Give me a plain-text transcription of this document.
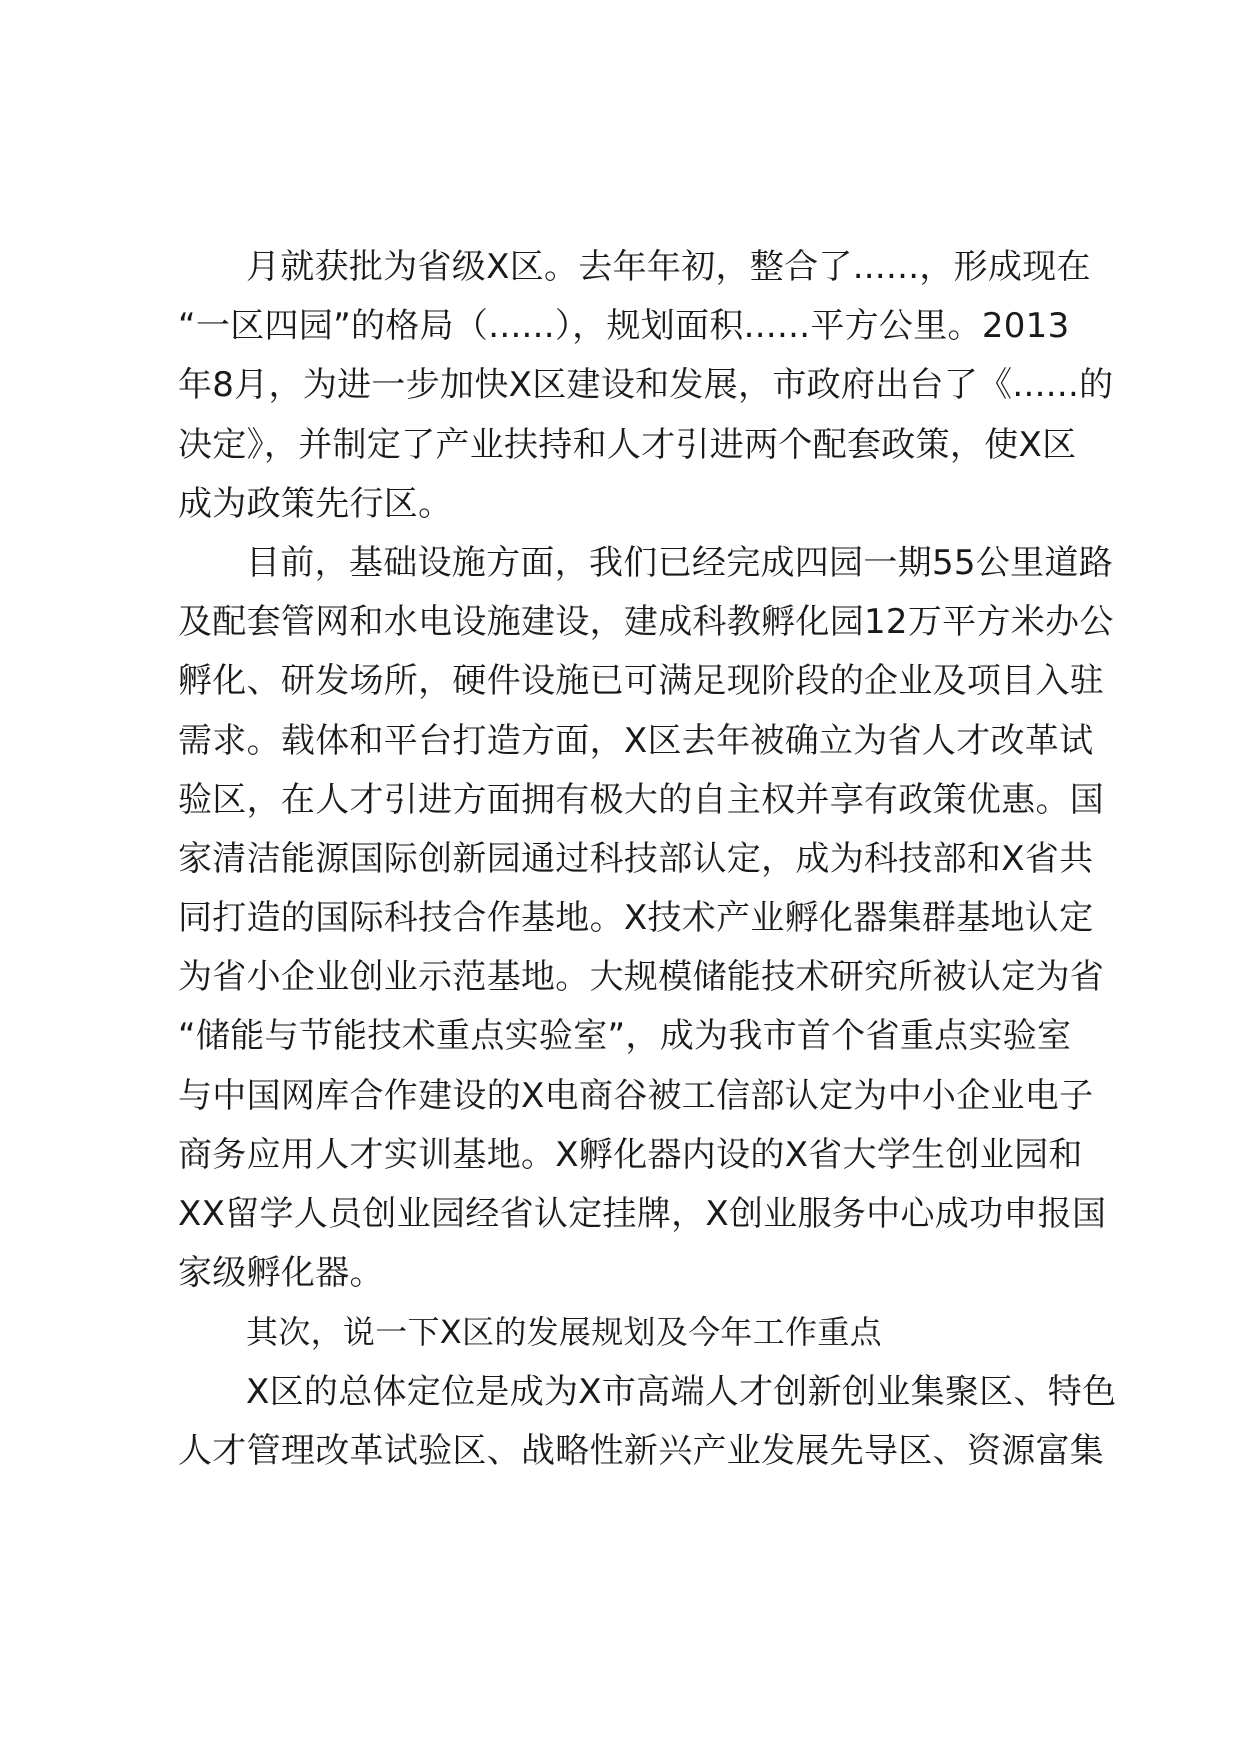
月就获批为省级X区。去年年初，整合了......，形成现在
“一区四园”的格局（......），规划面积......平方公里。2013
年8月，为进一步加快X区建设和发展，市政府出台了《......的
决定》，并制定了产业扶持和人才引进两个配套政策，使X区
成为政策先行区。
目前，基础设施方面，我们已经完成四园一期55公里道路
及配套管网和水电设施建设，建成科教孵化园12万平方米办公
孵化、研发场所，硬件设施已可满足现阶段的企业及项目入驻
需求。载体和平台打造方面，X区去年被确立为省人才改革试
验区，在人才引进方面拥有极大的自主权并享有政策优惠。国
家清洁能源国际创新园通过科技部认定，成为科技部和X省共
同打造的国际科技合作基地。X技术产业孵化器集群基地认定
为省小企业创业示范基地。大规模储能技术研究所被认定为省
“储能与节能技术重点实验室”，成为我市首个省重点实验室
与中国网库合作建设的X电商谷被工信部认定为中小企业电子
商务应用人才实训基地。X孵化器内设的X省大学生创业园和
XX留学人员创业园经省认定挂牌，X创业服务中心成功申报国
家级孵化器。
其次，说一下X区的发展规划及今年工作重点
X区的总体定位是成为X市高端人才创新创业集聚区、特色
人才管理改革试验区、战略性新兴产业发展先导区、资源富集
